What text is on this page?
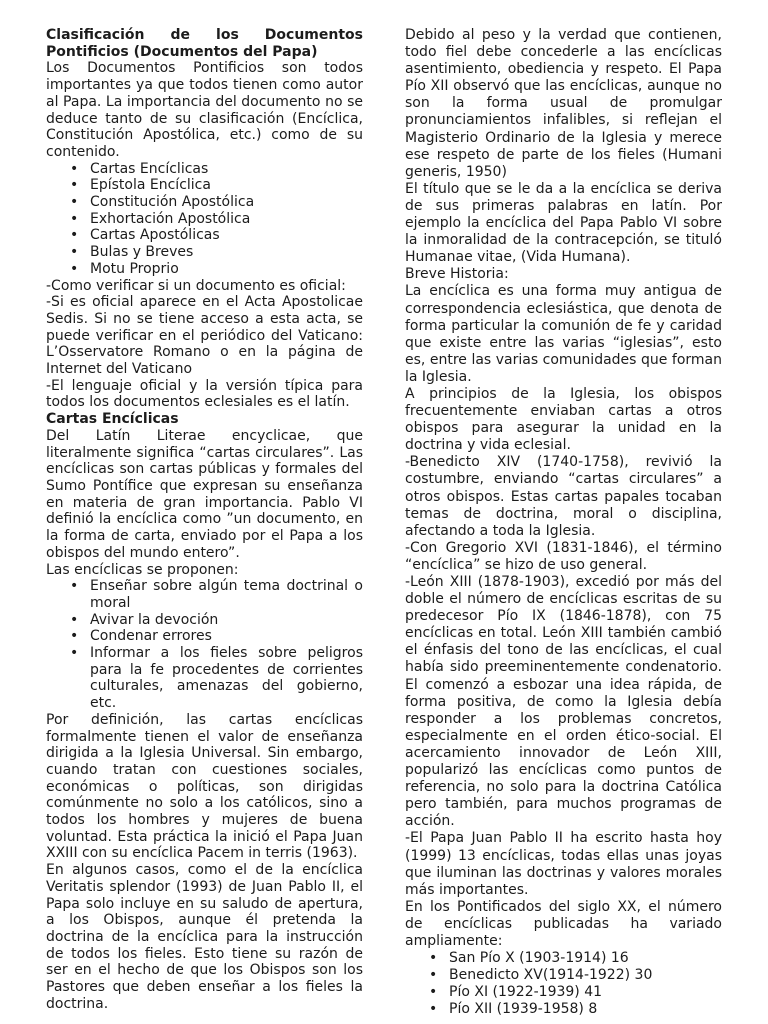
Clasificación de los Documentos Pontificios (Documentos del Papa)

Los Documentos Pontificios son todos importantes ya que todos tienen como autor al Papa. La importancia del documento no se deduce tanto de su clasificación (Encíclica, Constitución Apostólica, etc.) como de su contenido.

• Cartas Encíclicas
• Epístola Encíclica
• Constitución Apostólica
• Exhortación Apostólica
• Cartas Apostólicas
• Bulas y Breves
• Motu Proprio

-Como verificar si un documento es oficial:

-Si es oficial aparece en el Acta Apostolicae Sedis. Si no se tiene acceso a esta acta, se puede verificar en el periódico del Vaticano: L’Osservatore Romano o en la página de Internet del Vaticano

-El lenguaje oficial y la versión típica para todos los documentos eclesiales es el latín.

Cartas Encíclicas

Del Latín Literae encyclicae, que literalmente significa “cartas circulares”. Las encíclicas son cartas públicas y formales del Sumo Pontífice que expresan su enseñanza en materia de gran importancia. Pablo VI definió la encíclica como ”un documento, en la forma de carta, enviado por el Papa a los obispos del mundo entero”.

Las encíclicas se proponen:

• Enseñar sobre algún tema doctrinal o moral
• Avivar la devoción
• Condenar errores
• Informar a los fieles sobre peligros para la fe procedentes de corrientes culturales, amenazas del gobierno, etc.

Por definición, las cartas encíclicas formalmente tienen el valor de enseñanza dirigida a la Iglesia Universal. Sin embargo, cuando tratan con cuestiones sociales, económicas o políticas, son dirigidas comúnmente no solo a los católicos, sino a todos los hombres y mujeres de buena voluntad. Esta práctica la inició el Papa Juan XXIII con su encíclica Pacem in terris (1963).

En algunos casos, como el de la encíclica Veritatis splendor (1993) de Juan Pablo II, el Papa solo incluye en su saludo de apertura, a los Obispos, aunque él pretenda la doctrina de la encíclica para la instrucción de todos los fieles. Esto tiene su razón de ser en el hecho de que los Obispos son los Pastores que deben enseñar a los fieles la doctrina.

Debido al peso y la verdad que contienen, todo fiel debe concederle a las encíclicas asentimiento, obediencia y respeto. El Papa Pío XII observó que las encíclicas, aunque no son la forma usual de promulgar pronunciamientos infalibles, si reflejan el Magisterio Ordinario de la Iglesia y merece ese respeto de parte de los fieles (Humani generis, 1950)

El título que se le da a la encíclica se deriva de sus primeras palabras en latín. Por ejemplo la encíclica del Papa Pablo VI sobre la inmoralidad de la contracepción, se tituló Humanae vitae, (Vida Humana).

Breve Historia:

La encíclica es una forma muy antigua de correspondencia eclesiástica, que denota de forma particular la comunión de fe y caridad que existe entre las varias “iglesias”, esto es, entre las varias comunidades que forman la Iglesia.

A principios de la Iglesia, los obispos frecuentemente enviaban cartas a otros obispos para asegurar la unidad en la doctrina y vida eclesial.

-Benedicto XIV (1740-1758), revivió la costumbre, enviando “cartas circulares” a otros obispos. Estas cartas papales tocaban temas de doctrina, moral o disciplina, afectando a toda la Iglesia.

-Con Gregorio XVI (1831-1846), el término “encíclica” se hizo de uso general.

-León XIII (1878-1903), excedió por más del doble el número de encíclicas escritas de su predecesor Pío IX (1846-1878), con 75 encíclicas en total. León XIII también cambió el énfasis del tono de las encíclicas, el cual había sido preeminentemente condenatorio. El comenzó a esbozar una idea rápida, de forma positiva, de como la Iglesia debía responder a los problemas concretos, especialmente en el orden ético-social. El acercamiento innovador de León XIII, popularizó las encíclicas como puntos de referencia, no solo para la doctrina Católica pero también, para muchos programas de acción.

-El Papa Juan Pablo II ha escrito hasta hoy (1999) 13 encíclicas, todas ellas unas joyas que iluminan las doctrinas y valores morales más importantes.

En los Pontificados del siglo XX, el número de encíclicas publicadas ha variado ampliamente:

• San Pío X (1903-1914) 16
• Benedicto XV(1914-1922) 30
• Pío XI (1922-1939) 41
• Pío XII (1939-1958) 8
